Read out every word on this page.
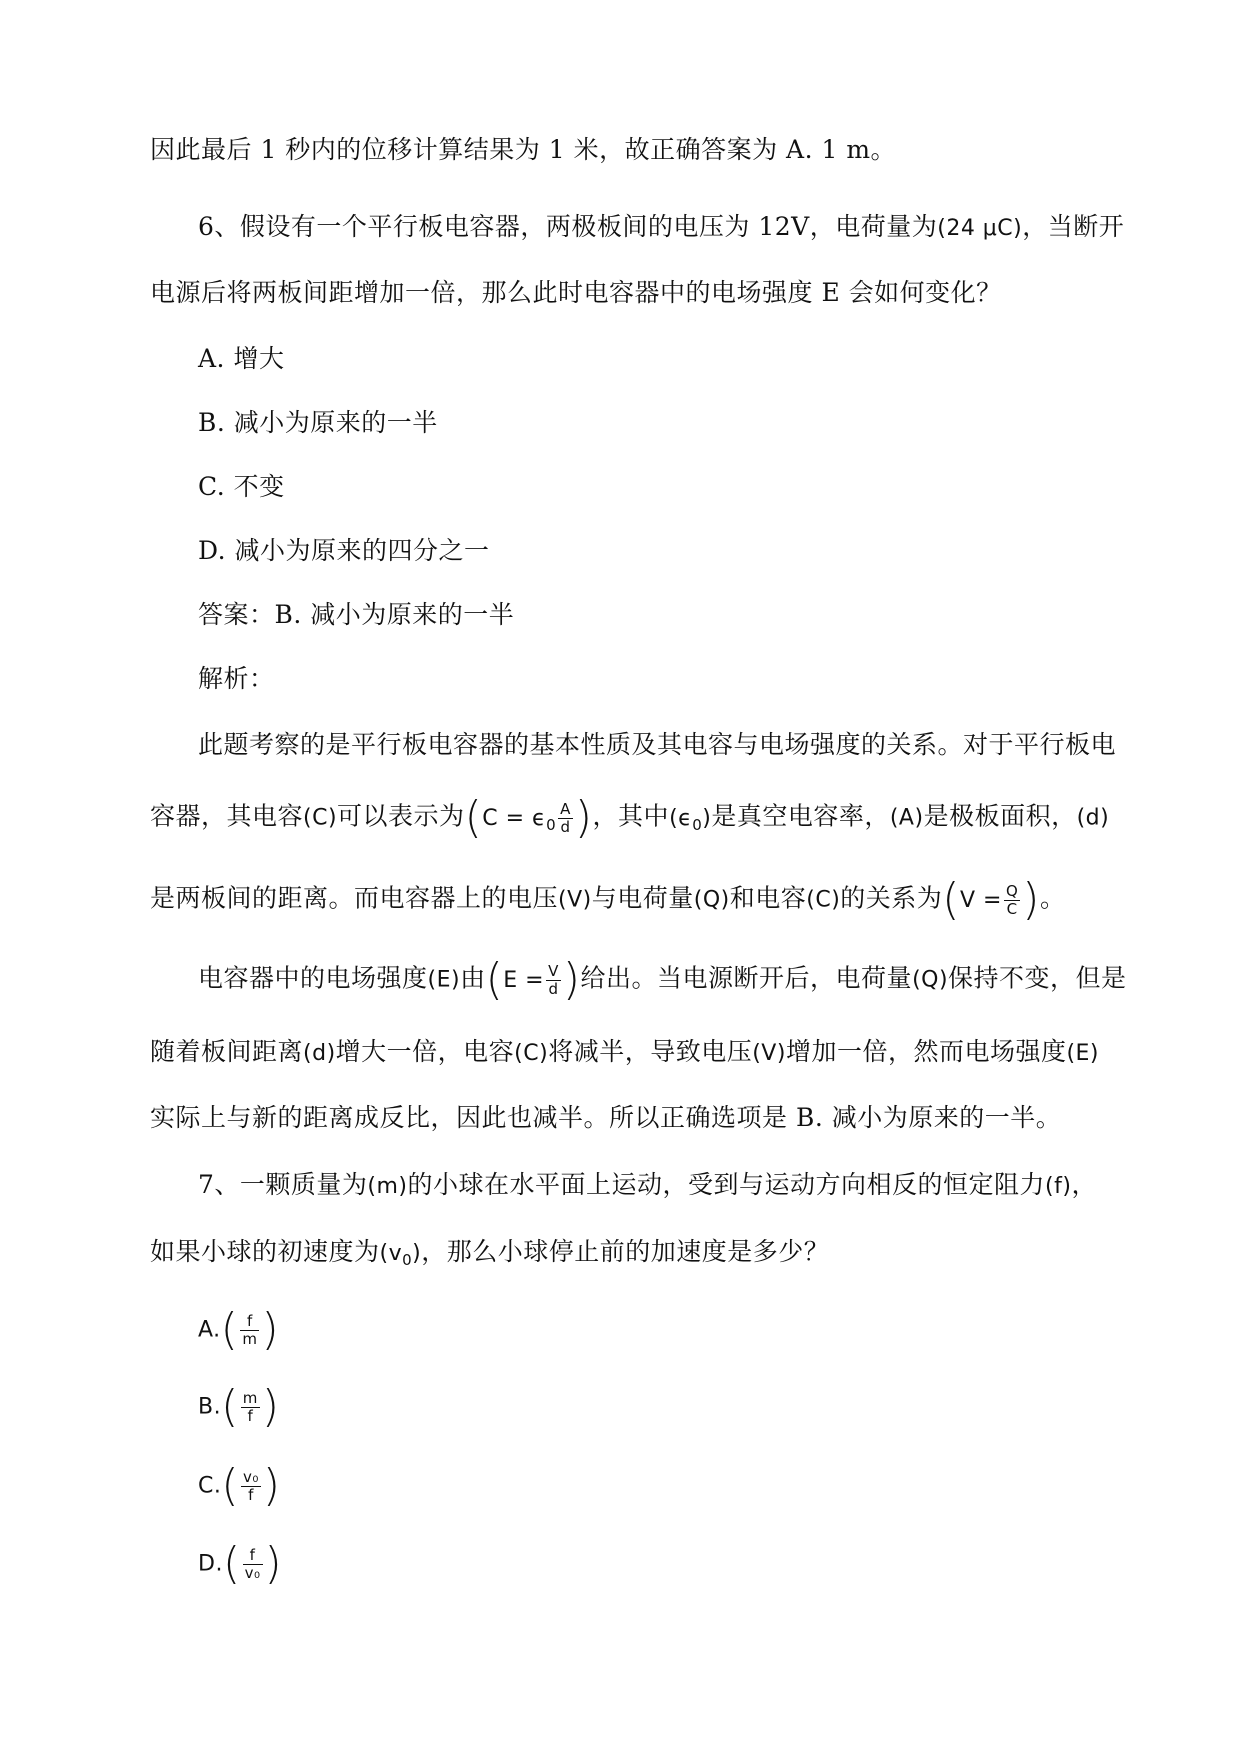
因此最后 1 秒内的位移计算结果为 1 米，故正确答案为 A. 1 m。
6、假设有一个平行板电容器，两极板间的电压为 12V，电荷量为(24 μC)，当断开
电源后将两板间距增加一倍，那么此时电容器中的电场强度 E 会如何变化？
A. 增大
B. 减小为原来的一半
C. 不变
D. 减小为原来的四分之一
答案：B. 减小为原来的一半
解析：
此题考察的是平行板电容器的基本性质及其电容与电场强度的关系。对于平行板电
容器，其电容(C)可以表示为($C = \epsilon_0 \frac{A}{d}$ )，其中$(\epsilon_0)$是真空电容率，(A)是极板面积，(d)
是两板间的距离。而电容器上的电压(V)与电荷量(Q)和电容(C)的关系为($V = \frac{Q}{C}$ )。
电容器中的电场强度(E)由($E = \frac{V}{d}$ )给出。当电源断开后，电荷量(Q)保持不变，但是
随着板间距离(d)增大一倍，电容(C)将减半，导致电压(V)增加一倍，然而电场强度(E)
实际上与新的距离成反比，因此也减半。所以正确选项是 B. 减小为原来的一半。
7、一颗质量为(m)的小球在水平面上运动，受到与运动方向相反的恒定阻力(f)，
如果小球的初速度为$(v_0)$，那么小球停止前的加速度是多少？
$A.( \frac{f}{m}$ )
$B.( \frac{m}{f}$ )
$C.( \frac{\text{v₀}}{f}$ )
$D.( \frac{f}{\text{v₀}}$ )
